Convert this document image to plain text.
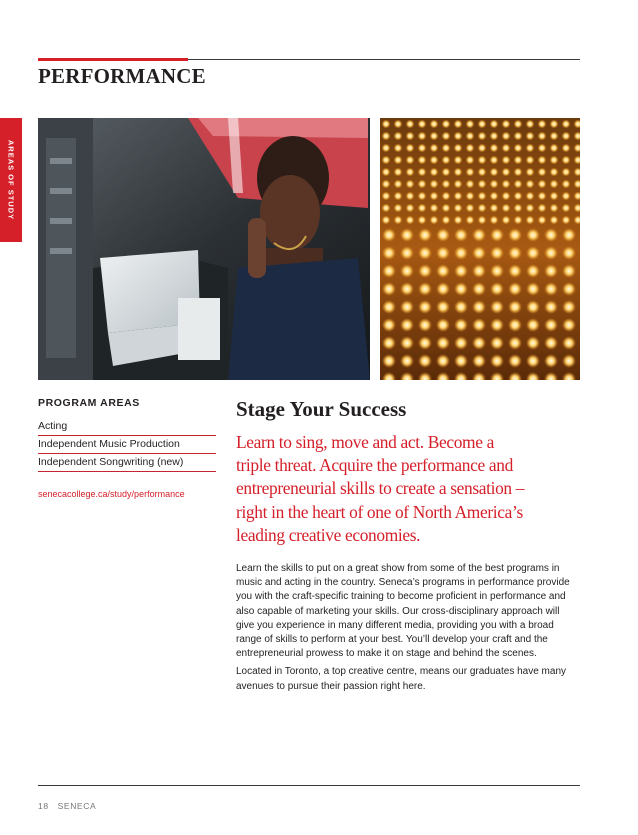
PERFORMANCE
AREAS OF STUDY
PROGRAM AREAS
Acting
Independent Music Production
Independent Songwriting (new)
senecacollege.ca/study/performance
Stage Your Success
Learn to sing, move and act. Become a
triple threat. Acquire the performance and
entrepreneurial skills to create a sensation –
right in the heart of one of North America’s
leading creative economies.

Learn the skills to put on a great show from some of the best programs in music and acting in the country. Seneca’s programs in performance provide you with the craft-specific training to become proficient in performance and also capable of marketing your skills. Our cross-disciplinary approach will give you experience in many different media, providing you with a broad range of skills to perform at your best. You’ll develop your craft and the entrepreneurial prowess to make it on stage and behind the scenes.

Located in Toronto, a top creative centre, means our graduates have many avenues to pursue their passion right here.

18 SENECA
